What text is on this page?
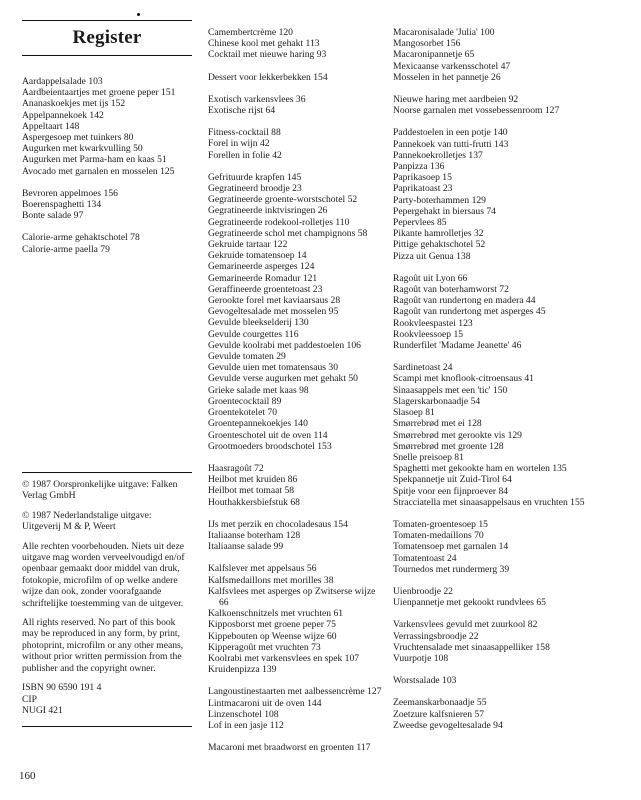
Register
Aardappelsalade 103
Aardbeientaartjes met groene peper 151
Ananaskoekjes met ijs 152
Appelpannekoek 142
Appeltaart 148
Aspergesoep met tuinkers 80
Augurken met kwarkvulling 50
Augurken met Parma-ham en kaas 51
Avocado met garnalen en mosselen 125
Bevroren appelmoes 156
Boerenspaghetti 134
Bonte salade 97
Calorie-arme gehaktschotel 78
Calorie-arme paella 79
© 1987 Oorspronkelijke uitgave: Falken Verlag GmbH
© 1987 Nederlandstalige uitgave: Uitgeverij M & P, Weert
Alle rechten voorbehouden. Niets uit deze uitgave mag worden verveelvoudigd en/of openbaar gemaakt door middel van druk, fotokopie, microfilm of op welke andere wijze dan ook, zonder voorafgaande schriftelijke toestemming van de uitgever.
All rights reserved. No part of this book may be reproduced in any form, by print, photoprint, microfilm or any other means, without prior written permission from the publisher and the copyright owner.
ISBN 90 6590 191 4
CIP
NUGI 421
Camembertcrème 120
Chinese kool met gehakt 113
Cocktail met nieuwe haring 93
Dessert voor lekkerbekken 154
Exotisch varkensvlees 36
Exotische rijst 64
Fitness-cocktail 88
Forel in wijn 42
Forellen in folie 42
Gefrituurde krapfen 145
Gegratineerd broodje 23
Gegratineerde groente-worstschotel 52
Gegratineerde inktvisringen 26
Gegratineerde rodekool-rolletjes 110
Gegratineerde schol met champignons 58
Gekruide tartaar 122
Gekruide tomatensoep 14
Gemarineerde asperges 124
Gemarineerde Romadur 121
Geraffineerde groentetoast 23
Gerookte forel met kaviaarsaus 28
Gevogeltesalade met mosselen 95
Gevulde bleekselderij 130
Gevulde courgettes 116
Gevulde koolrabi met paddestoelen 106
Gevulde tomaten 29
Gevulde uien met tomatensaus 30
Gevulde verse augurken met gehakt 50
Grieke salade met kaas 98
Groentecocktail 89
Groentekotelet 70
Groentepannekoekjes 140
Groenteschotel uit de oven 114
Grootmoeders broodschotel 153
Haasragoût 72
Heilbot met kruiden 86
Heilbot met tomaat 58
Houthakkersbiefstuk 68
IJs met perzik en chocoladesaus 154
Italiaanse boterham 128
Italiaanse salade 99
Kalfslever met appelsaus 56
Kalfsmedaillons met morilles 38
Kalfsvlees met asperges op Zwitserse wijze 66
Kalkoenschnitzels met vruchten 61
Kipposborst met groene peper 75
Kippebouten op Weense wijze 60
Kipperagoût met vruchten 73
Koolrabi met varkensvlees en spek 107
Kruidenpizza 139
Langoustinestaarten met aalbessencrème 127
Lintmacaroni uit de oven 144
Linzenschotel 108
Lof in een jasje 112
Macaroni met braadworst en groenten 117
Macaronisalade 'Julia' 100
Mangosorbet 156
Macaronipannetje 65
Mexicaanse varkensschotel 47
Mosselen in het pannetje 26
Nieuwe haring met aardbeien 92
Noorse garnalen met vossebessenroom 127
Paddestoelen in een potje 140
Pannekoek van tutti-frutti 143
Pannekoekrolletjes 137
Panpizza 136
Paprikasoep 15
Paprikatoast 23
Party-boterhammen 129
Pepergehakt in biersaus 74
Pepervlees 85
Pikante hamrolletjes 32
Pittige gehaktschotel 52
Pizza uit Genua 138
Ragoût uit Lyon 66
Ragoût van boterhamworst 72
Ragoût van rundertong en madera 44
Ragoût van rundertong met asperges 45
Rookvleespastei 123
Rookvleessoep 15
Runderfilet 'Madame Jeanette' 46
Sardinetoast 24
Scampi met knoflook-citroensaus 41
Sinaasappels met een 'tic' 150
Slagerskarbonaadje 54
Slasoep 81
Smørrebrød met ei 128
Smørrebrød met gerookte vis 129
Smørrebrød met groente 128
Snelle preisoep 81
Spaghetti met gekookte ham en wortelen 135
Spekpannetje uit Zuid-Tirol 64
Spitje voor een fijnproever 84
Stracciatella met sinaasappelsaus en vruchten 155
Tomaten-groentesoep 15
Tomaten-medaillons 70
Tomatensoep met garnalen 14
Tomatentoast 24
Tournedos met rundermerg 39
Uienbroodje 22
Uienpannetje met gekookt rundvlees 65
Varkensvlees gevuld met zuurkool 82
Verrassingsbroodje 22
Vruchtensalade met sinaasappelliker 158
Vuurpotje 108
Worstsalade 103
Zeemanskarbonaadje 55
Zoetzure kalfsnieren 57
Zweedse gevogeltesalade 94
160
